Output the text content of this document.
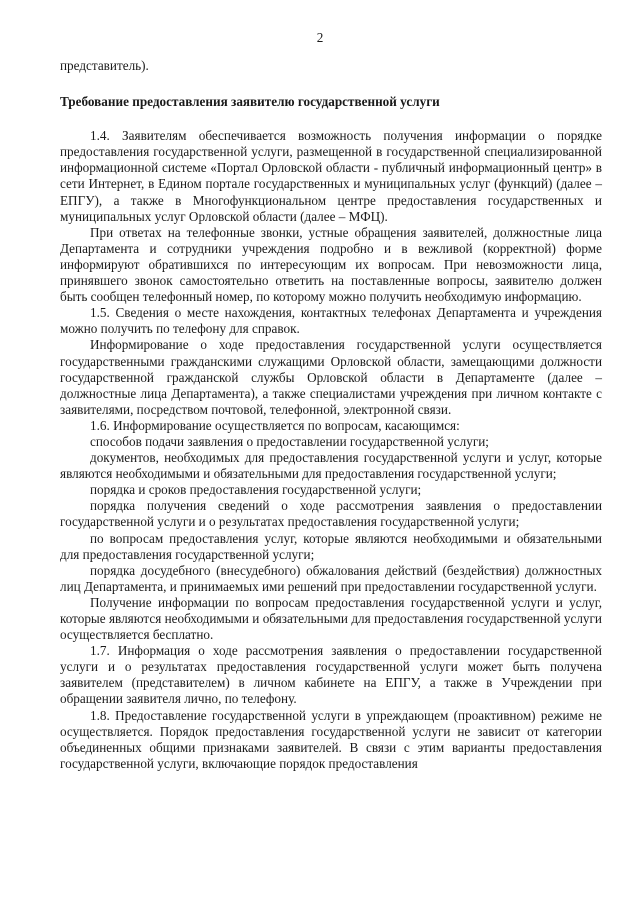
2

представитель).

Требование предоставления заявителю государственной услуги

1.4. Заявителям обеспечивается возможность получения информации о порядке предоставления государственной услуги, размещенной в государственной специализированной информационной системе «Портал Орловской области - публичный информационный центр» в сети Интернет, в Едином портале государственных и муниципальных услуг (функций) (далее – ЕПГУ), а также в Многофункциональном центре предоставления государственных и муниципальных услуг Орловской области (далее – МФЦ).

При ответах на телефонные звонки, устные обращения заявителей, должностные лица Департамента и сотрудники учреждения подробно и в вежливой (корректной) форме информируют обратившихся по интересующим их вопросам. При невозможности лица, принявшего звонок самостоятельно ответить на поставленные вопросы, заявителю должен быть сообщен телефонный номер, по которому можно получить необходимую информацию.

1.5. Сведения о месте нахождения, контактных телефонах Департамента и учреждения можно получить по телефону для справок.

Информирование о ходе предоставления государственной услуги осуществляется государственными гражданскими служащими Орловской области, замещающими должности государственной гражданской службы Орловской области в Департаменте (далее – должностные лица Департамента), а также специалистами учреждения при личном контакте с заявителями, посредством почтовой, телефонной, электронной связи.

1.6. Информирование осуществляется по вопросам, касающимся:

способов подачи заявления о предоставлении государственной услуги;

документов, необходимых для предоставления государственной услуги и услуг, которые являются необходимыми и обязательными для предоставления государственной услуги;

порядка и сроков предоставления государственной услуги;

порядка получения сведений о ходе рассмотрения заявления о предоставлении государственной услуги и о результатах предоставления государственной услуги;

по вопросам предоставления услуг, которые являются необходимыми и обязательными для предоставления государственной услуги;

порядка досудебного (внесудебного) обжалования действий (бездействия) должностных лиц Департамента, и принимаемых ими решений при предоставлении государственной услуги.

Получение информации по вопросам предоставления государственной услуги и услуг, которые являются необходимыми и обязательными для предоставления государственной услуги осуществляется бесплатно.

1.7. Информация о ходе рассмотрения заявления о предоставлении государственной услуги и о результатах предоставления государственной услуги может быть получена заявителем (представителем) в личном кабинете на ЕПГУ, а также в Учреждении при обращении заявителя лично, по телефону.

1.8. Предоставление государственной услуги в упреждающем (проактивном) режиме не осуществляется. Порядок предоставления государственной услуги не зависит от категории объединенных общими признаками заявителей. В связи с этим варианты предоставления государственной услуги, включающие порядок предоставления
